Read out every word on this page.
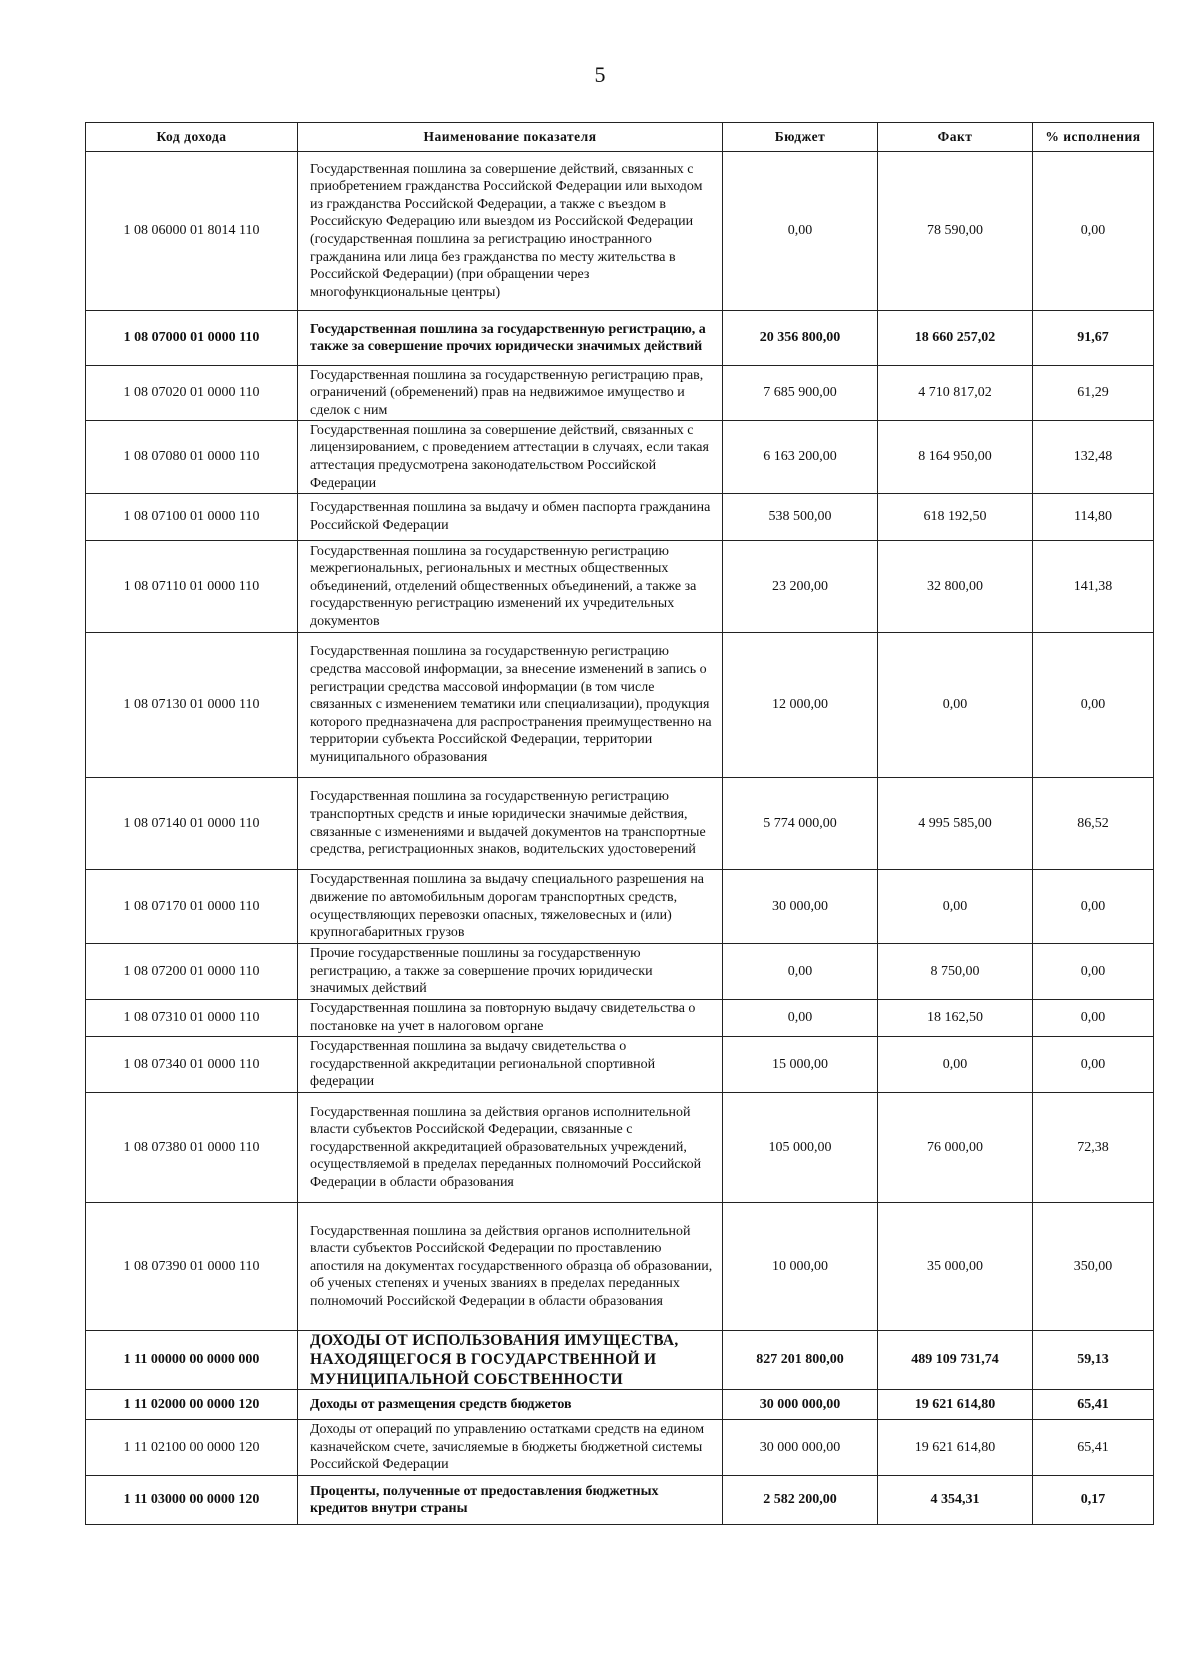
5
Код дохода	Наименование показателя	Бюджет	Факт	% исполнения
1 08 06000 01 8014 110	Государственная пошлина за совершение действий, связанных с приобретением гражданства Российской Федерации или выходом из гражданства Российской Федерации, а также с въездом в Российскую Федерацию или выездом из Российской Федерации (государственная пошлина за регистрацию иностранного гражданина или лица без гражданства по месту жительства в Российской Федерации) (при обращении через многофункциональные центры)	0,00	78 590,00	0,00
1 08 07000 01 0000 110	Государственная пошлина за государственную регистрацию, а также за совершение прочих юридически значимых действий	20 356 800,00	18 660 257,02	91,67
1 08 07020 01 0000 110	Государственная пошлина за государственную регистрацию прав, ограничений (обременений) прав на недвижимое имущество и сделок с ним	7 685 900,00	4 710 817,02	61,29
1 08 07080 01 0000 110	Государственная пошлина за совершение действий, связанных с лицензированием, с проведением аттестации в случаях, если такая аттестация предусмотрена законодательством Российской Федерации	6 163 200,00	8 164 950,00	132,48
1 08 07100 01 0000 110	Государственная пошлина за выдачу и обмен паспорта гражданина Российской Федерации	538 500,00	618 192,50	114,80
1 08 07110 01 0000 110	Государственная пошлина за государственную регистрацию межрегиональных, региональных и местных общественных объединений, отделений общественных объединений, а также за государственную регистрацию изменений их учредительных документов	23 200,00	32 800,00	141,38
1 08 07130 01 0000 110	Государственная пошлина за государственную регистрацию средства массовой информации, за внесение изменений в запись о регистрации средства массовой информации (в том числе связанных с изменением тематики или специализации), продукция которого предназначена для распространения преимущественно на территории субъекта Российской Федерации, территории муниципального образования	12 000,00	0,00	0,00
1 08 07140 01 0000 110	Государственная пошлина за государственную регистрацию транспортных средств и иные юридически значимые действия, связанные с изменениями и выдачей документов на транспортные средства, регистрационных знаков, водительских удостоверений	5 774 000,00	4 995 585,00	86,52
1 08 07170 01 0000 110	Государственная пошлина за выдачу специального разрешения на движение по автомобильным дорогам транспортных средств, осуществляющих перевозки опасных, тяжеловесных и (или) крупногабаритных грузов	30 000,00	0,00	0,00
1 08 07200 01 0000 110	Прочие государственные пошлины за государственную регистрацию, а также за совершение прочих юридически значимых действий	0,00	8 750,00	0,00
1 08 07310 01 0000 110	Государственная пошлина за повторную выдачу свидетельства о постановке на учет в налоговом органе	0,00	18 162,50	0,00
1 08 07340 01 0000 110	Государственная пошлина за выдачу свидетельства о государственной аккредитации региональной спортивной федерации	15 000,00	0,00	0,00
1 08 07380 01 0000 110	Государственная пошлина за действия органов исполнительной власти субъектов Российской Федерации, связанные с государственной аккредитацией образовательных учреждений, осуществляемой в пределах переданных полномочий Российской Федерации в области образования	105 000,00	76 000,00	72,38
1 08 07390 01 0000 110	Государственная пошлина за действия органов исполнительной власти субъектов Российской Федерации по проставлению апостиля на документах государственного образца об образовании, об ученых степенях и ученых званиях в пределах переданных полномочий Российской Федерации в области образования	10 000,00	35 000,00	350,00
1 11 00000 00 0000 000	ДОХОДЫ ОТ ИСПОЛЬЗОВАНИЯ ИМУЩЕСТВА, НАХОДЯЩЕГОСЯ В ГОСУДАРСТВЕННОЙ И МУНИЦИПАЛЬНОЙ СОБСТВЕННОСТИ	827 201 800,00	489 109 731,74	59,13
1 11 02000 00 0000 120	Доходы от размещения средств бюджетов	30 000 000,00	19 621 614,80	65,41
1 11 02100 00 0000 120	Доходы от операций по управлению остатками средств на едином казначейском счете, зачисляемые в бюджеты бюджетной системы Российской Федерации	30 000 000,00	19 621 614,80	65,41
1 11 03000 00 0000 120	Проценты, полученные от предоставления бюджетных кредитов внутри страны	2 582 200,00	4 354,31	0,17
